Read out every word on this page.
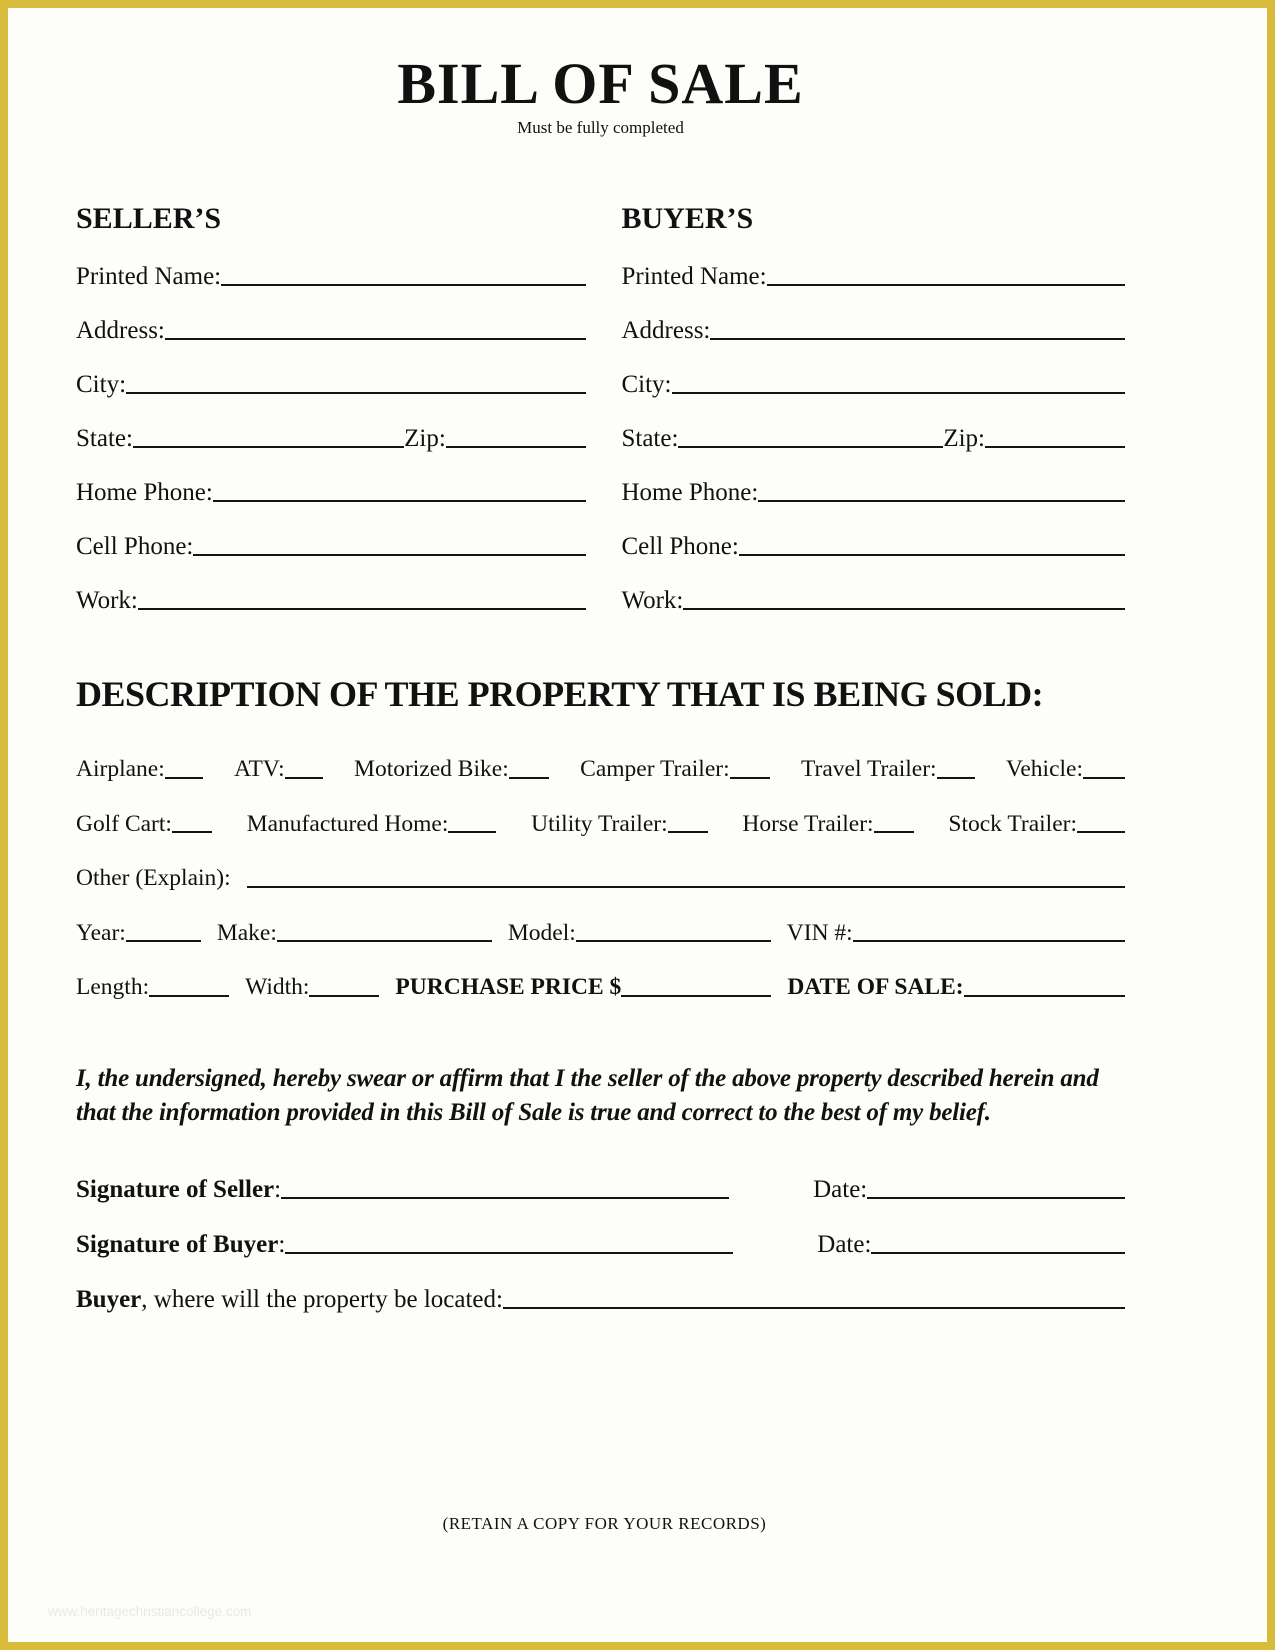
BILL OF SALE
Must be fully completed
SELLER’S
Printed Name:
Address:
City:
State:	Zip:
Home Phone:
Cell Phone:
Work:
BUYER’S
Printed Name:
Address:
City:
State:	Zip:
Home Phone:
Cell Phone:
Work:
DESCRIPTION OF THE PROPERTY THAT IS BEING SOLD:
Airplane:	ATV:	Motorized Bike:	Camper Trailer:	Travel Trailer:	Vehicle:
Golf Cart:	Manufactured Home:	Utility Trailer:	Horse Trailer:	Stock Trailer:
Other (Explain):
Year:	Make:	Model:	VIN #:
Length:	Width:	PURCHASE PRICE $	DATE OF SALE:

I, the undersigned, hereby swear or affirm that I the seller of the above property described herein and that the information provided in this Bill of Sale is true and correct to the best of my belief.

Signature of Seller :	Date:
Signature of Buyer :	Date:
Buyer , where will the property be located:
(RETAIN A COPY FOR YOUR RECORDS)
www.heritagechristiancollege.com
